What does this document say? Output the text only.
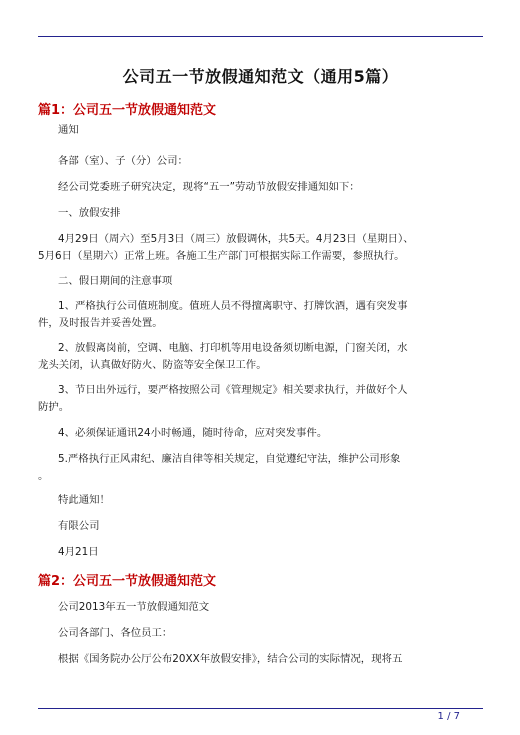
公司五一节放假通知范文（通用5篇）
篇1：公司五一节放假通知范文
通知
各部（室）、子（分）公司：
经公司党委班子研究决定，现将“五一”劳动节放假安排通知如下：
一、放假安排
4月29日（周六）至5月3日（周三）放假调休，共5天。4月23日（星期日）、
5月6日（星期六）正常上班。各施工生产部门可根据实际工作需要，参照执行。
二、假日期间的注意事项
1、严格执行公司值班制度。值班人员不得擅离职守、打牌饮酒，遇有突发事
件，及时报告并妥善处置。
2、放假离岗前，空调、电脑、打印机等用电设备须切断电源，门窗关闭，水
龙头关闭，认真做好防火、防盗等安全保卫工作。
3、节日出外远行，要严格按照公司《管理规定》相关要求执行，并做好个人
防护。
4、必须保证通讯24小时畅通，随时待命，应对突发事件。
5.严格执行正风肃纪、廉洁自律等相关规定，自觉遵纪守法，维护公司形象
。
特此通知！
有限公司
4月21日
篇2：公司五一节放假通知范文
公司2013年五一节放假通知范文
公司各部门、各位员工：
根据《国务院办公厅公布20XX年放假安排》，结合公司的实际情况，现将五
1 / 7
